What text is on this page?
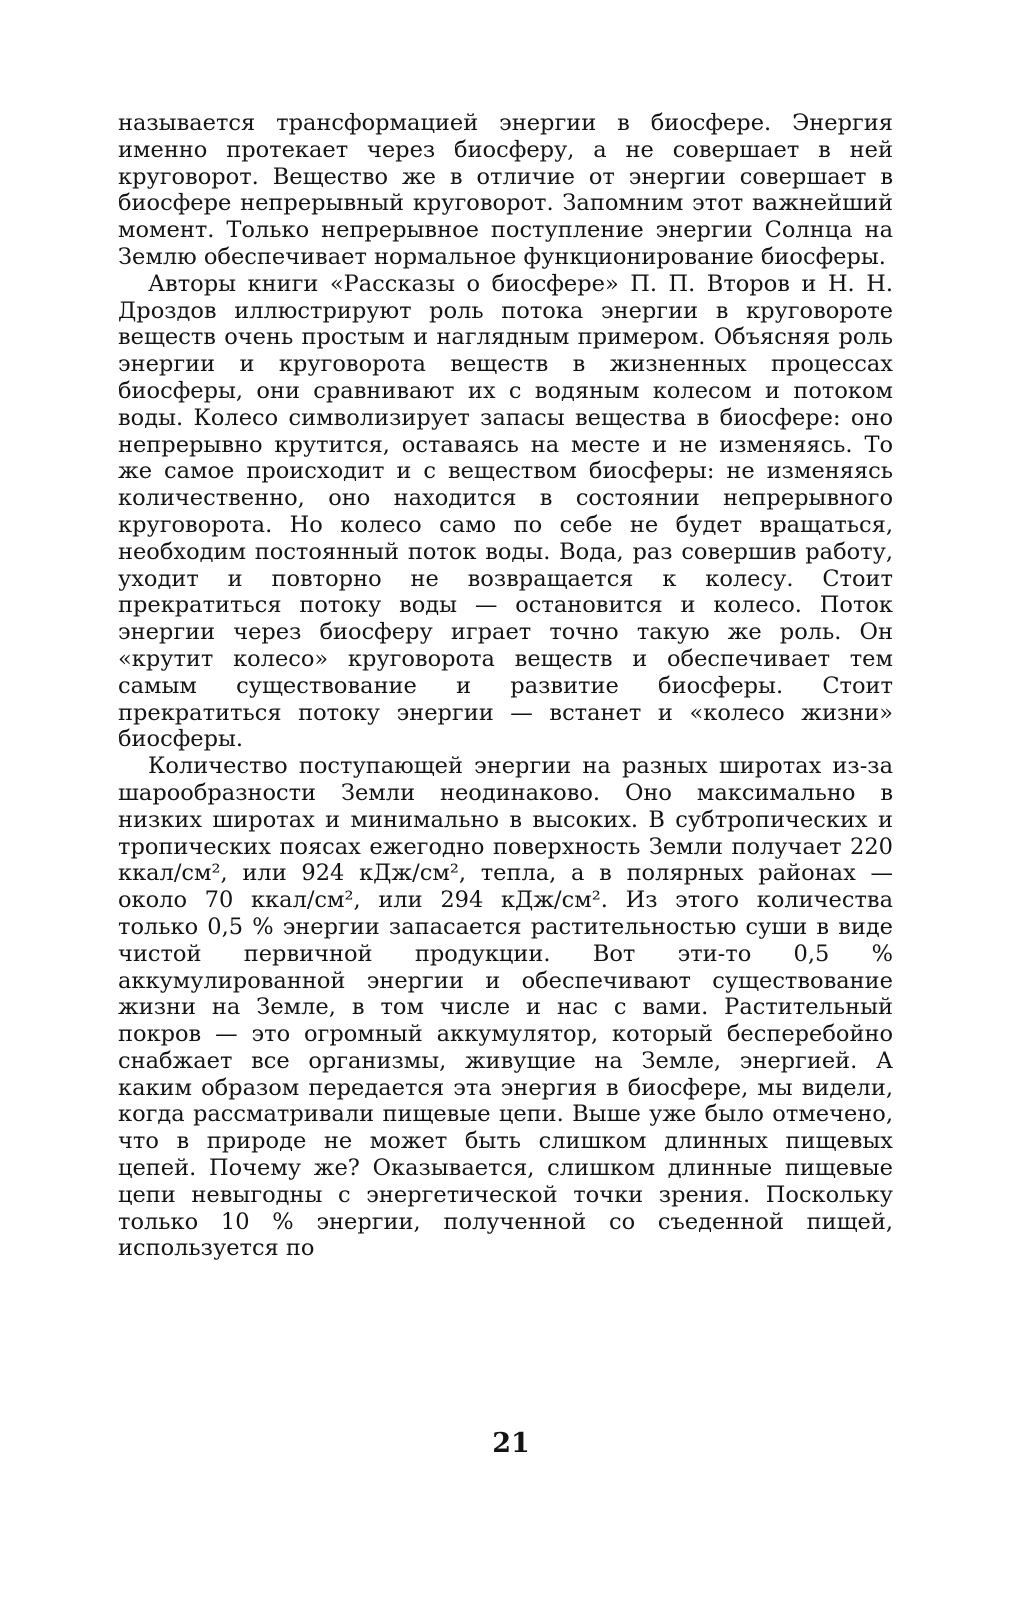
называется трансформацией энергии в биосфере. Энергия именно протекает через биосферу, а не совершает в ней круговорот. Вещество же в отличие от энергии совершает в биосфере непрерывный круговорот. Запомним этот важнейший момент. Только непрерывное поступление энергии Солнца на Землю обеспечивает нормальное функционирование биосферы.

Авторы книги «Рассказы о биосфере» П. П. Второв и Н. Н. Дроздов иллюстрируют роль потока энергии в круговороте веществ очень простым и наглядным примером. Объясняя роль энергии и круговорота веществ в жизненных процессах биосферы, они сравнивают их с водяным колесом и потоком воды. Колесо символизирует запасы вещества в биосфере: оно непрерывно крутится, оставаясь на месте и не изменяясь. То же самое происходит и с веществом биосферы: не изменяясь количественно, оно находится в состоянии непрерывного круговорота. Но колесо само по себе не будет вращаться, необходим постоянный поток воды. Вода, раз совершив работу, уходит и повторно не возвращается к колесу. Стоит прекратиться потоку воды — остановится и колесо. Поток энергии через биосферу играет точно такую же роль. Он «крутит колесо» круговорота веществ и обеспечивает тем самым существование и развитие биосферы. Стоит прекратиться потоку энергии — встанет и «колесо жизни» биосферы.

Количество поступающей энергии на разных широтах из-за шарообразности Земли неодинаково. Оно максимально в низких широтах и минимально в высоких. В субтропических и тропических поясах ежегодно поверхность Земли получает 220 ккал/см², или 924 кДж/см², тепла, а в полярных районах — около 70 ккал/см², или 294 кДж/см². Из этого количества только 0,5 % энергии запасается растительностью суши в виде чистой первичной продукции. Вот эти-то 0,5 % аккумулированной энергии и обеспечивают существование жизни на Земле, в том числе и нас с вами. Растительный покров — это огромный аккумулятор, который бесперебойно снабжает все организмы, живущие на Земле, энергией. А каким образом передается эта энергия в биосфере, мы видели, когда рассматривали пищевые цепи. Выше уже было отмечено, что в природе не может быть слишком длинных пищевых цепей. Почему же? Оказывается, слишком длинные пищевые цепи невыгодны с энергетической точки зрения. Поскольку только 10 % энергии, полученной со съеденной пищей, используется по

21
